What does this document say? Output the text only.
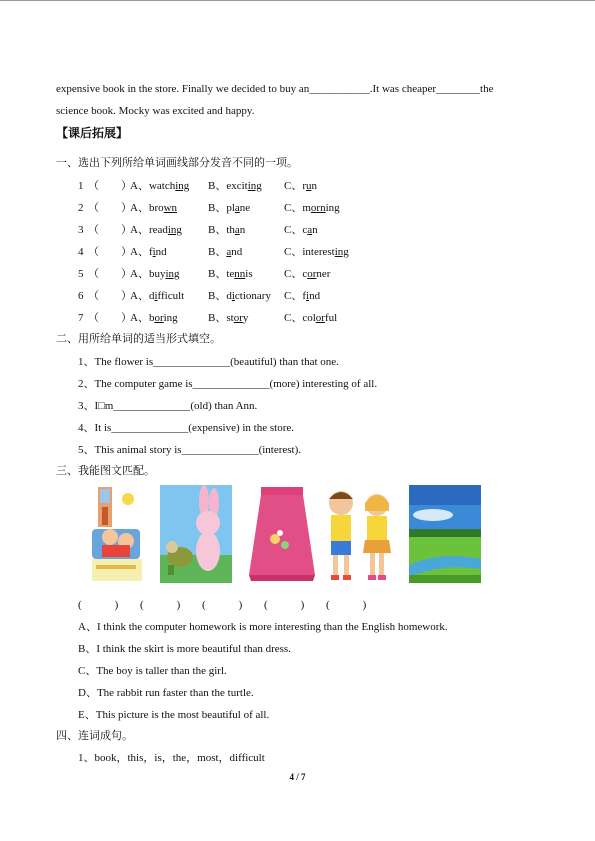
expensive book in the store. Finally we decided to buy an___________.It was cheaper________the
science book. Mocky was excited and happy.
【课后拓展】
一、选出下列所给单词画线部分发音不同的一项。
1 （　　）A、watching B、exciting C、run
2 （　　）A、brown	B、plane	C、morning
3 （　　）A、reading B、than	C、can
4 （　　）A、find	B、and	C、interesting
5 （　　）A、buying	B、tennis	C、corner
6 （　　）A、difficult B、dictionary C、find
7 （　　）A、boring	B、story	C、colorful
二、用所给单词的适当形式填空。
1、The flower is______________(beautiful) than that one.
2、The computer game is______________(more) interesting of all.
3、I□m______________(old) than Ann.
4、It is______________(expensive) in the store.
5、This animal story is______________(interest).
三、我能图文匹配。
(　　　) (　　　) (　　　) (　　　) (　　　)
A、I think the computer homework is more interesting than the English homework.
B、I think the skirt is more beautiful than dress.
C、The boy is taller than the girl.
D、The rabbit run faster than the turtle.
E、This picture is the most beautiful of all.
四、连词成句。
1、book，this，is，the，most，difficult
4 / 7
